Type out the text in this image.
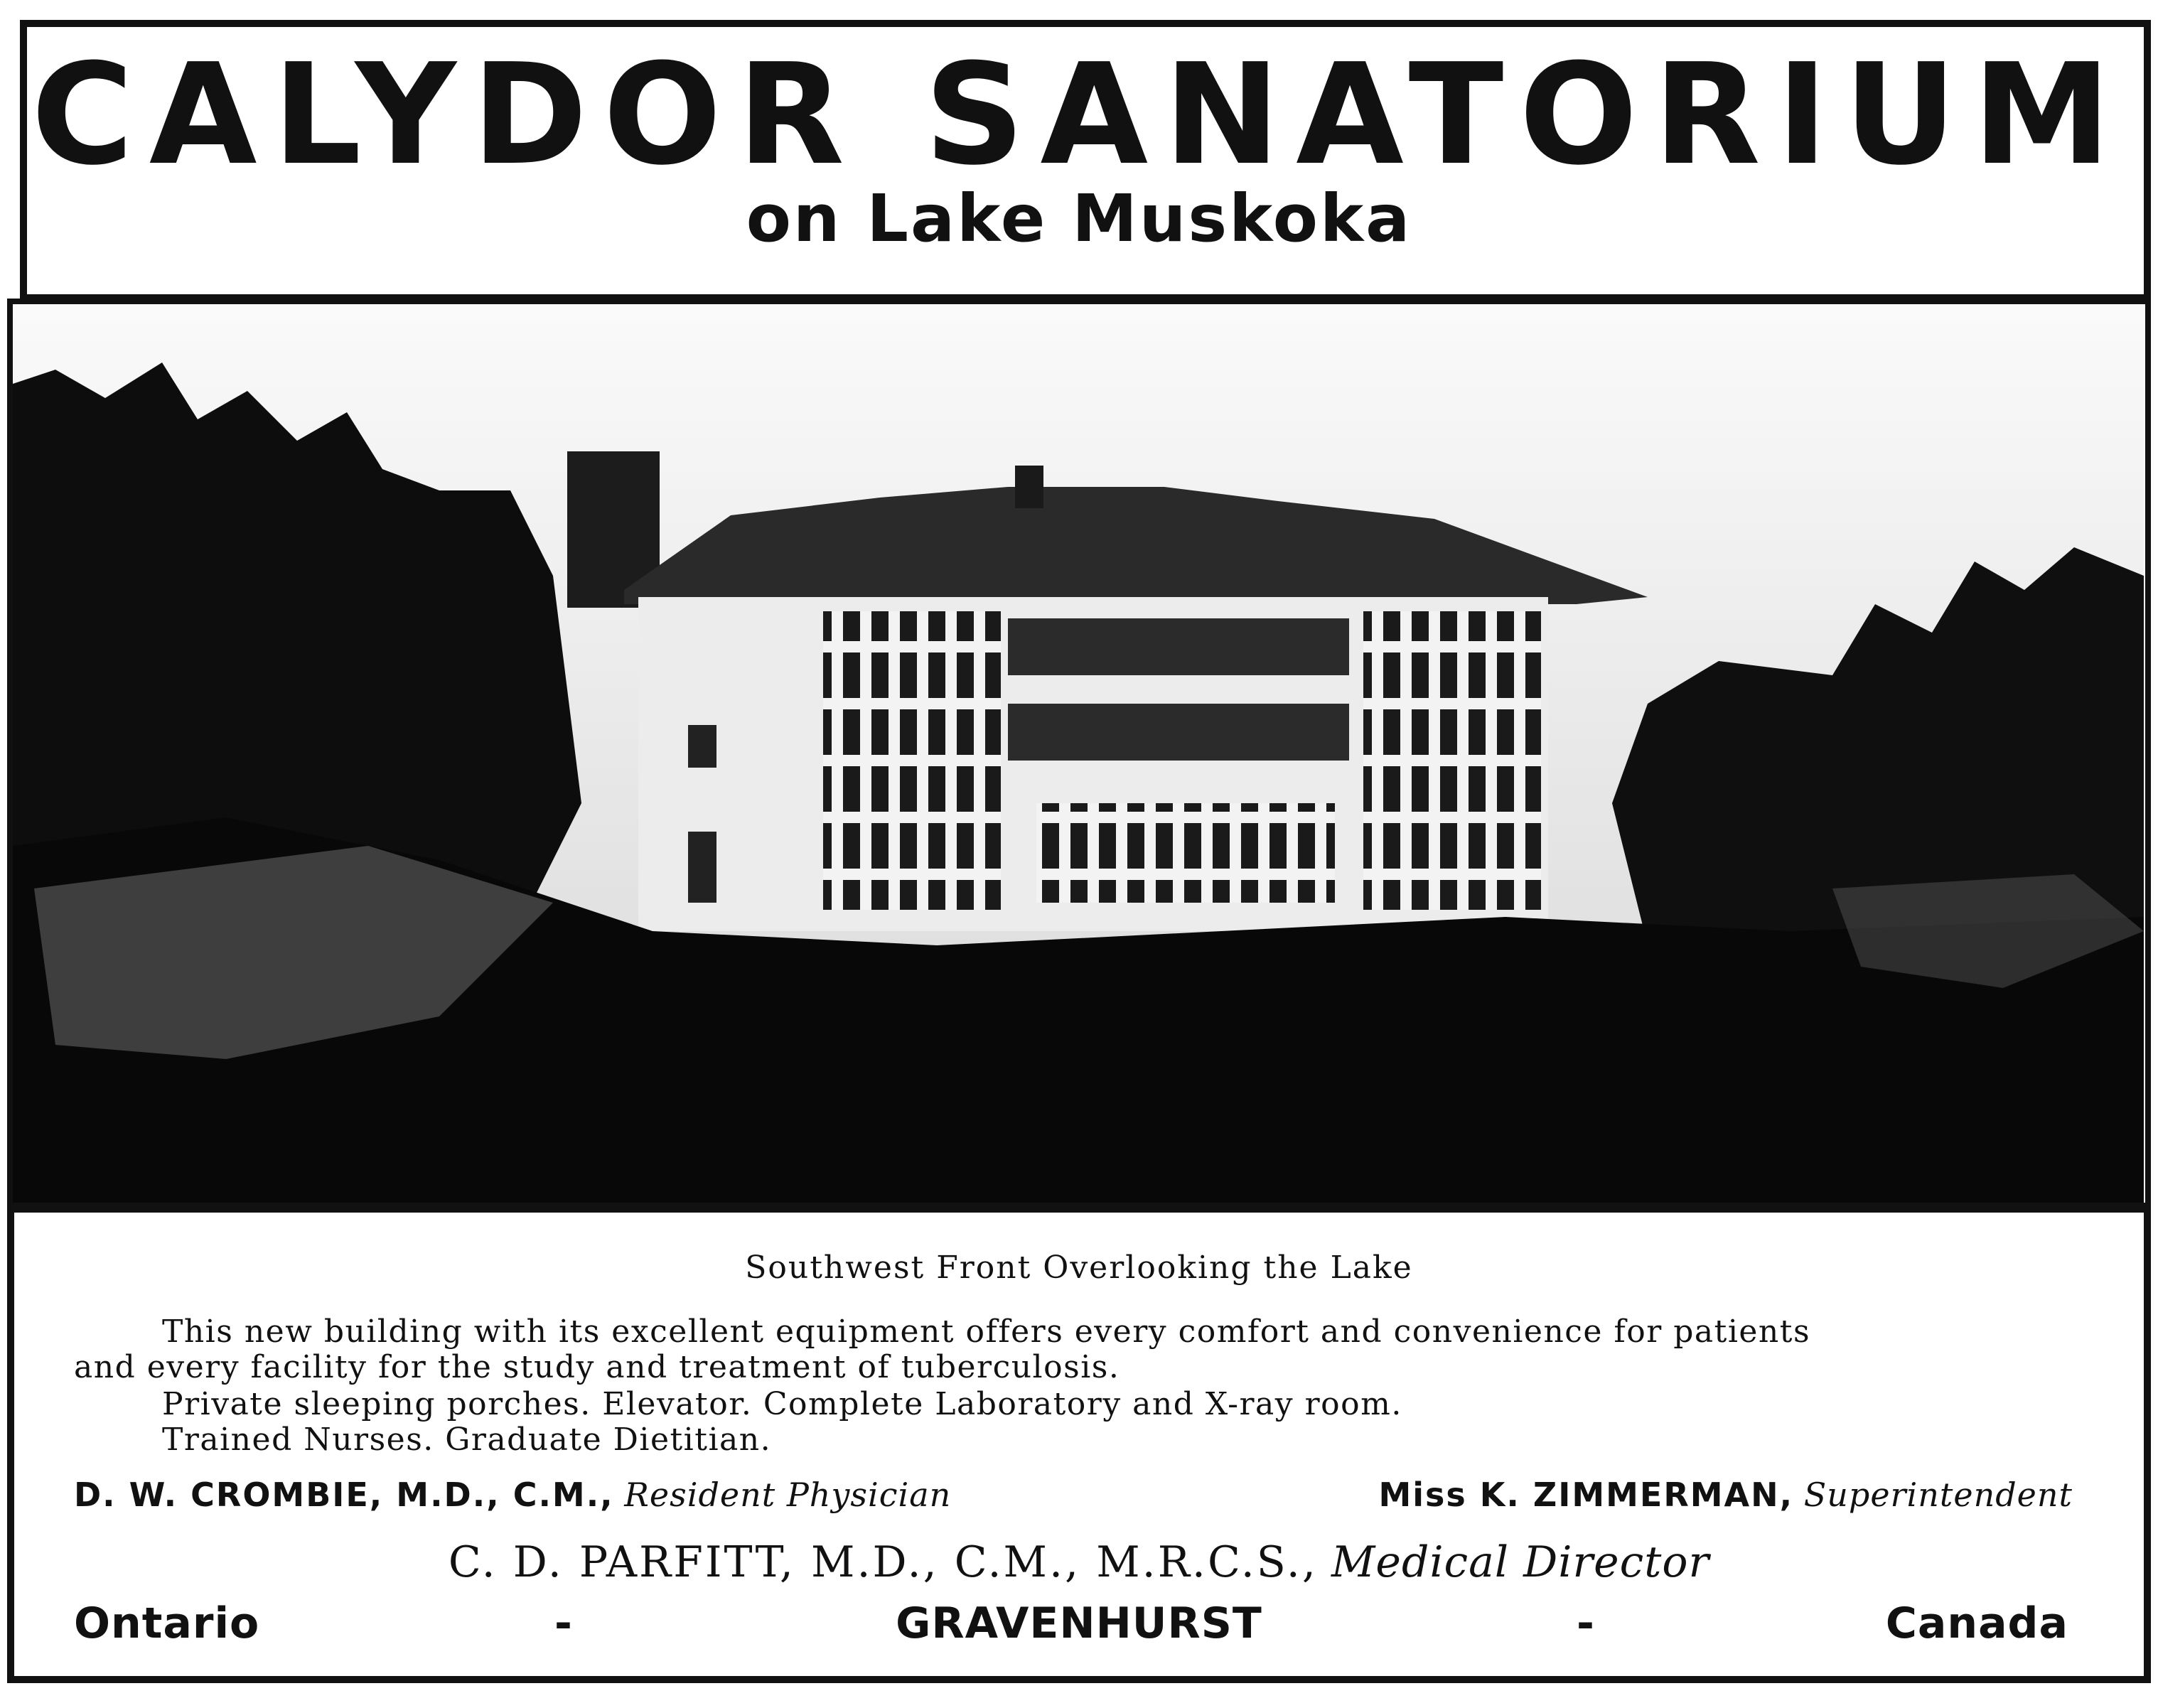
CALYDOR SANATORIUM
on Lake Muskoka
Southwest Front Overlooking the Lake
This new building with its excellent equipment offers every comfort and convenience for patients
and every facility for the study and treatment of tuberculosis.
Private sleeping porches. Elevator. Complete Laboratory and X-ray room.
Trained Nurses. Graduate Dietitian.
D. W. CROMBIE, M.D., C.M., Resident Physician	Miss K. ZIMMERMAN, Superintendent
C. D. PARFITT, M.D., C.M., M.R.C.S., Medical Director
Ontario	-	GRAVENHURST	-	Canada
